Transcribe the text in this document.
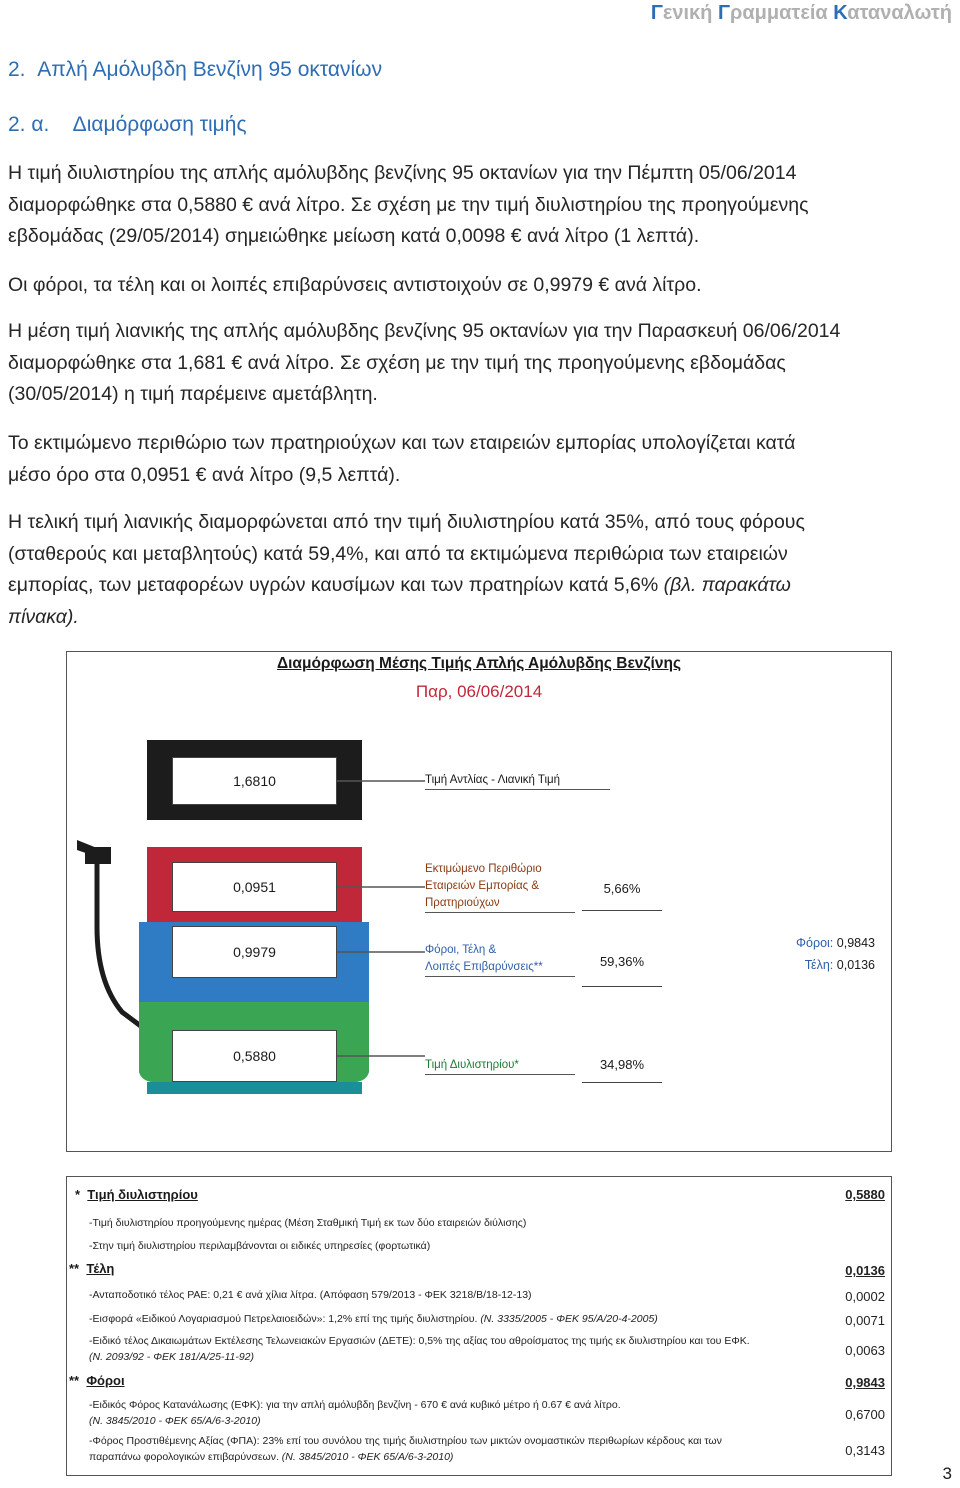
Γενική Γραμματεία Καταναλωτή
2. Απλή Αμόλυβδη Βενζίνη 95 οκτανίων
2. α. Διαμόρφωση τιμής
Η τιμή διυλιστηρίου της απλής αμόλυβδης βενζίνης 95 οκτανίων για την Πέμπτη 05/06/2014
διαμορφώθηκε στα 0,5880 € ανά λίτρο. Σε σχέση με την τιμή διυλιστηρίου της προηγούμενης
εβδομάδας (29/05/2014) σημειώθηκε μείωση κατά 0,0098 € ανά λίτρο (1 λεπτά).
Οι φόροι, τα τέλη και οι λοιπές επιβαρύνσεις αντιστοιχούν σε 0,9979 € ανά λίτρο.
Η μέση τιμή λιανικής της απλής αμόλυβδης βενζίνης 95 οκτανίων για την Παρασκευή 06/06/2014
διαμορφώθηκε στα 1,681 € ανά λίτρο. Σε σχέση με την τιμή της προηγούμενης εβδομάδας
(30/05/2014) η τιμή παρέμεινε αμετάβλητη.
Το εκτιμώμενο περιθώριο των πρατηριούχων και των εταιρειών εμπορίας υπολογίζεται κατά
μέσο όρο στα 0,0951 € ανά λίτρο (9,5 λεπτά).
Η τελική τιμή λιανικής διαμορφώνεται από την τιμή διυλιστηρίου κατά 35%, από τους φόρους
(σταθερούς και μεταβλητούς) κατά 59,4%, και από τα εκτιμώμενα περιθώρια των εταιρειών
εμπορίας, των μεταφορέων υγρών καυσίμων και των πρατηρίων κατά 5,6% (βλ. παρακάτω
πίνακα).
Διαμόρφωση Μέσης Τιμής Απλής Αμόλυβδης Βενζίνης
Παρ, 06/06/2014
1,6810
0,0951
0,9979
0,5880
Τιμή Αντλίας - Λιανική Τιμή
Εκτιμώμενο Περιθώριο
Εταιρειών Εμπορίας &
Πρατηριούχων
5,66%
Φόροι, Τέλη &
Λοιπές Επιβαρύνσεις**	59,36%
Φόροι: 0,9843
Τέλη: 0,0136
Τιμή Διυλιστηρίου*	34,98%
* Τιμή διυλιστηρίου	0,5880
-Τιμή διυλιστηρίου προηγούμενης ημέρας (Μέση Σταθμική Τιμή εκ των δύο εταιρειών διύλισης)
-Στην τιμή διυλιστηρίου περιλαμβάνονται οι ειδικές υπηρεσίες (φορτωτικά)
** Τέλη	0,0136
-Ανταποδοτικό τέλος ΡΑΕ: 0,21 € ανά χίλια λίτρα. (Απόφαση 579/2013 - ΦΕΚ 3218/Β/18-12-13)	0,0002
-Εισφορά «Ειδικού Λογαριασμού Πετρελαιοειδών»: 1,2% επί της τιμής διυλιστηρίου. (Ν. 3335/2005 - ΦΕΚ 95/Α/20-4-2005)	0,0071
-Ειδικό τέλος Δικαιωμάτων Εκτέλεσης Τελωνειακών Εργασιών (ΔΕΤΕ): 0,5% της αξίας του αθροίσματος της τιμής εκ διυλιστηρίου και του ΕΦΚ.
(Ν. 2093/92 - ΦΕΚ 181/Α/25-11-92)	0,0063
** Φόροι	0,9843
-Ειδικός Φόρος Κατανάλωσης (ΕΦΚ): για την απλή αμόλυβδη βενζίνη - 670 € ανά κυβικό μέτρο ή 0.67 € ανά λίτρο.
(Ν. 3845/2010 - ΦΕΚ 65/Α/6-3-2010)	0,6700
-Φόρος Προστιθέμενης Αξίας (ΦΠΑ): 23% επί του συνόλου της τιμής διυλιστηρίου των μικτών ονομαστικών περιθωρίων κέρδους και των
παραπάνω φορολογικών επιβαρύνσεων. (Ν. 3845/2010 - ΦΕΚ 65/Α/6-3-2010)	0,3143
3
